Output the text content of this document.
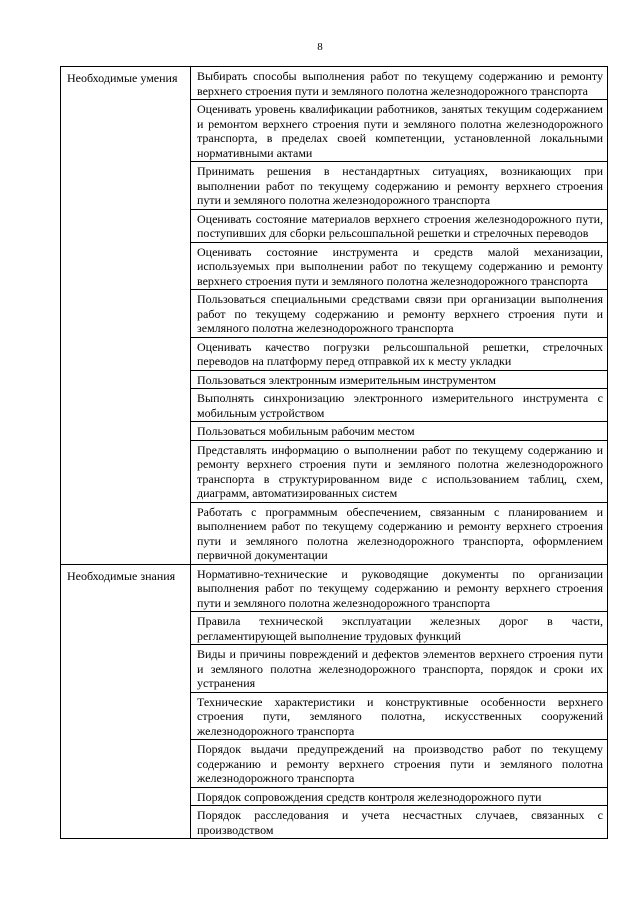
8
Необходимые умения	Выбирать способы выполнения работ по текущему содержанию и ремонту верхнего строения пути и земляного полотна железнодорожного транспорта
Оценивать уровень квалификации работников, занятых текущим содержанием и ремонтом верхнего строения пути и земляного полотна железнодорожного транспорта, в пределах своей компетенции, установленной локальными нормативными актами
Принимать решения в нестандартных ситуациях, возникающих при выполнении работ по текущему содержанию и ремонту верхнего строения пути и земляного полотна железнодорожного транспорта
Оценивать состояние материалов верхнего строения железнодорожного пути, поступивших для сборки рельсошпальной решетки и стрелочных переводов
Оценивать состояние инструмента и средств малой механизации, используемых при выполнении работ по текущему содержанию и ремонту верхнего строения пути и земляного полотна железнодорожного транспорта
Пользоваться специальными средствами связи при организации выполнения работ по текущему содержанию и ремонту верхнего строения пути и земляного полотна железнодорожного транспорта
Оценивать качество погрузки рельсошпальной решетки, стрелочных переводов на платформу перед отправкой их к месту укладки
Пользоваться электронным измерительным инструментом
Выполнять синхронизацию электронного измерительного инструмента с мобильным устройством
Пользоваться мобильным рабочим местом
Представлять информацию о выполнении работ по текущему содержанию и ремонту верхнего строения пути и земляного полотна железнодорожного транспорта в структурированном виде с использованием таблиц, схем, диаграмм, автоматизированных систем
Работать с программным обеспечением, связанным с планированием и выполнением работ по текущему содержанию и ремонту верхнего строения пути и земляного полотна железнодорожного транспорта, оформлением первичной документации
Необходимые знания	Нормативно-технические и руководящие документы по организации выполнения работ по текущему содержанию и ремонту верхнего строения пути и земляного полотна железнодорожного транспорта
Правила технической эксплуатации железных дорог в части, регламентирующей выполнение трудовых функций
Виды и причины повреждений и дефектов элементов верхнего строения пути и земляного полотна железнодорожного транспорта, порядок и сроки их устранения
Технические характеристики и конструктивные особенности верхнего строения пути, земляного полотна, искусственных сооружений железнодорожного транспорта
Порядок выдачи предупреждений на производство работ по текущему содержанию и ремонту верхнего строения пути и земляного полотна железнодорожного транспорта
Порядок сопровождения средств контроля железнодорожного пути
Порядок расследования и учета несчастных случаев, связанных с производством
